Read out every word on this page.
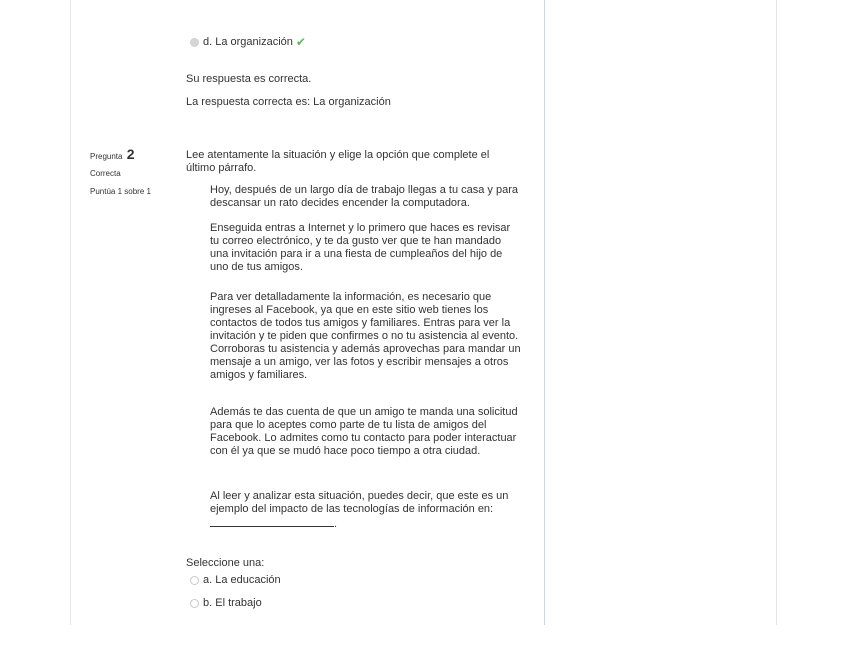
d. La organización ✔
Su respuesta es correcta.
La respuesta correcta es: La organización
Pregunta 2
Correcta
Puntúa 1 sobre 1
Lee atentamente la situación y elige la opción que complete el último párrafo.
Hoy, después de un largo día de trabajo llegas a tu casa y para descansar un rato decides encender la computadora.
Enseguida entras a Internet y lo primero que haces es revisar tu correo electrónico, y te da gusto ver que te han mandado una invitación para ir a una fiesta de cumpleaños del hijo de uno de tus amigos.
Para ver detalladamente la información, es necesario que ingreses al Facebook, ya que en este sitio web tienes los contactos de todos tus amigos y familiares. Entras para ver la invitación y te piden que confirmes o no tu asistencia al evento. Corroboras tu asistencia y además aprovechas para mandar un mensaje a un amigo, ver las fotos y escribir mensajes a otros amigos y familiares.
Además te das cuenta de que un amigo te manda una solicitud para que lo aceptes como parte de tu lista de amigos del Facebook. Lo admites como tu contacto para poder interactuar con él ya que se mudó hace poco tiempo a otra ciudad.
Al leer y analizar esta situación, puedes decir, que este es un ejemplo del impacto de las tecnologías de información en:
.
Seleccione una:
a. La educación
b. El trabajo
